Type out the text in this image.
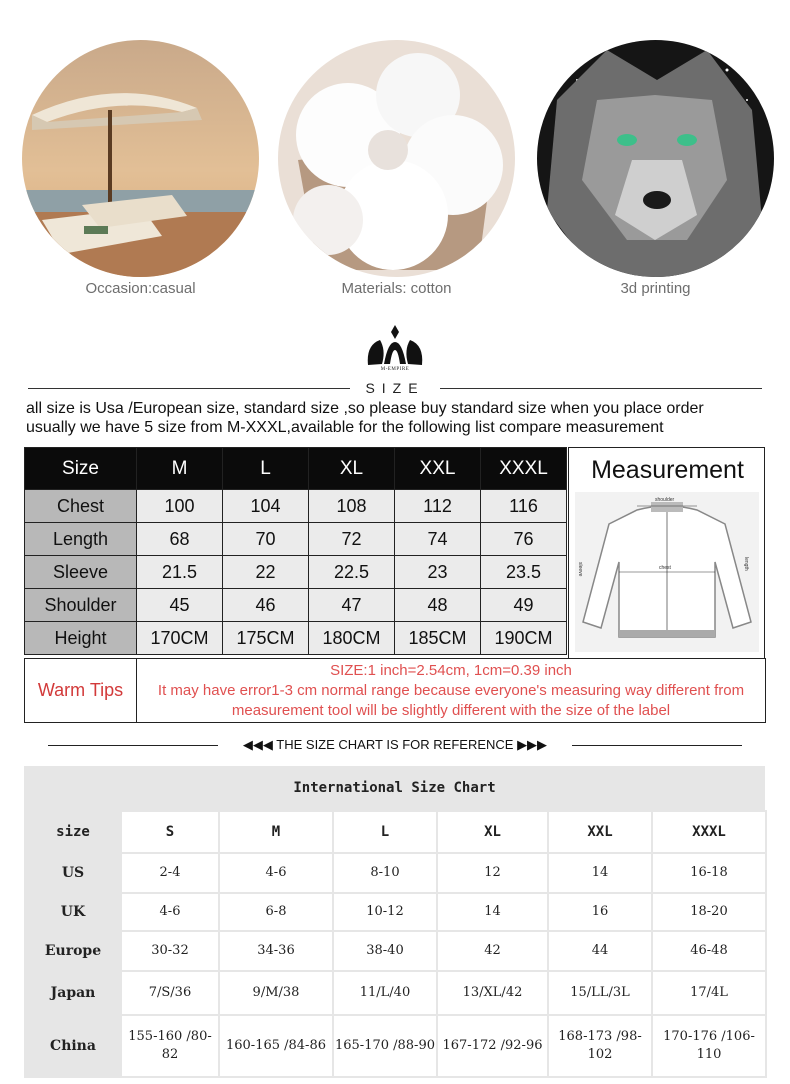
Occasion:casual	Materials: cotton	3d printing
M-EMPIRE
SIZE
all size is Usa /European size, standard size ,so please buy standard size when you place order
usually we have 5 size from M-XXXL,available for the following list compare measurement
Size	M	L	XL	XXL	XXXL
Chest	100	104	108	112	116
Length	68	70	72	74	76
Sleeve	21.5	22	22.5	23	23.5
Shoulder	45	46	47	48	49
Height	170CM	175CM	180CM	185CM	190CM
Measurement
shoulder
chest
sleeve	length
Warm Tips	
SIZE:1 inch=2.54cm, 1cm=0.39 inch
It may have error1-3 cm normal range because everyone's measuring way different from
measurement tool will be slightly different with the size of the label
◀◀◀ THE SIZE CHART IS FOR REFERENCE ▶▶▶
International Size Chart
size	S	M	L	XL	XXL	XXXL
US	2-4	4-6	8-10	12	14	16-18
UK	4-6	6-8	10-12	14	16	18-20
Europe	30-32	34-36	38-40	42	44	46-48
Japan	7/S/36	9/M/38	11/L/40	13/XL/42	15/LL/3L	17/4L
China	155-160 /80-82	160-165 /84-86	165-170 /88-90	167-172 /92-96	168-173 /98-102	170-176 /106-110
